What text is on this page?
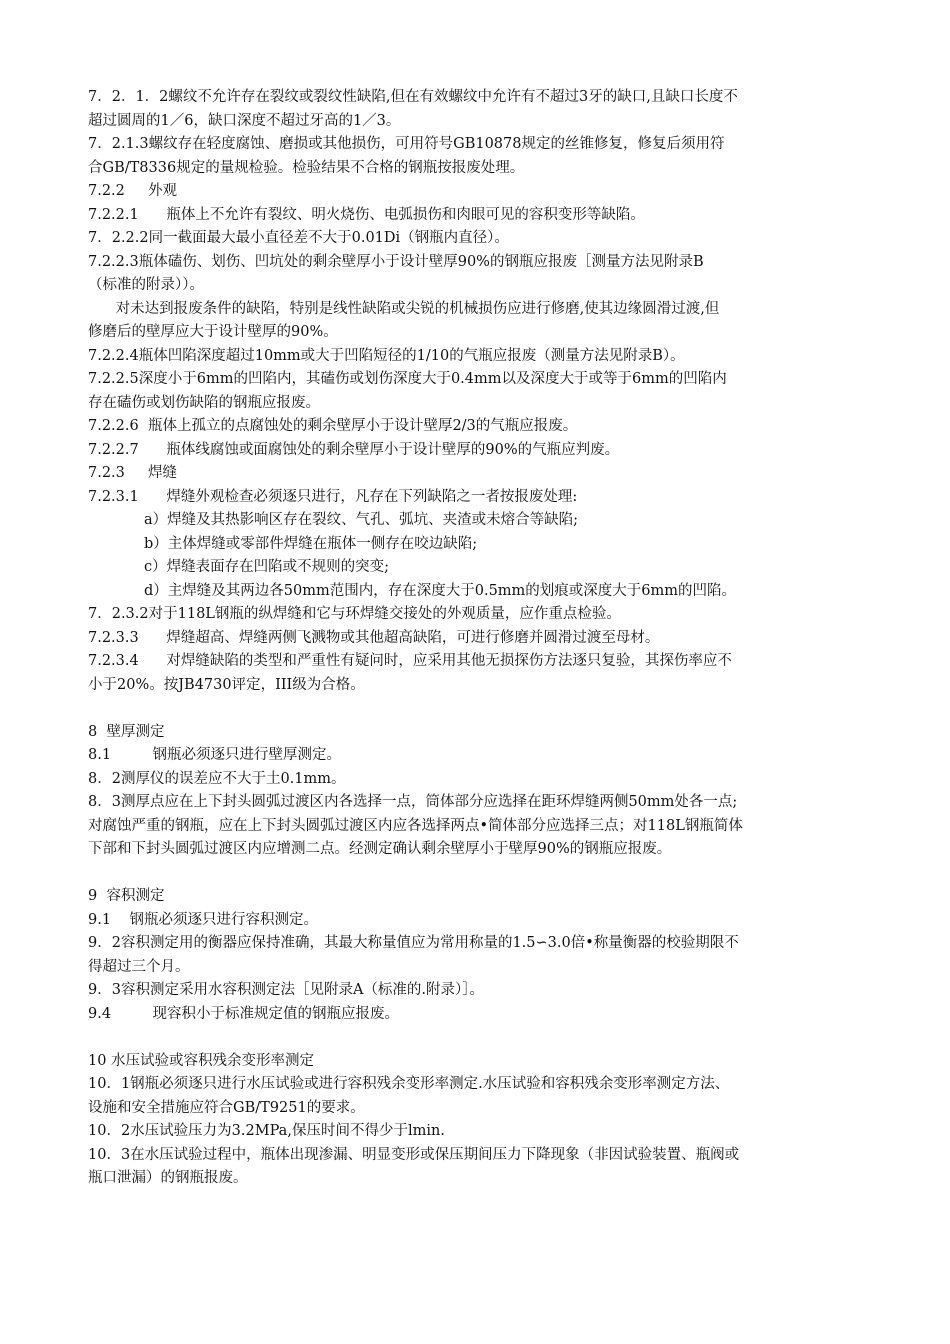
7．2．1．2螺纹不允许存在裂纹或裂纹性缺陷,但在有效螺纹中允许有不超过3牙的缺口,且缺口长度不
超过圆周的1／6，缺口深度不超过牙高的1／3。
7．2.1.3螺纹存在轻度腐蚀、磨损或其他损伤，可用符号GB10878规定的丝锥修复，修复后须用符
合GB/T8336规定的量规检验。检验结果不合格的钢瓶按报废处理。
7.2.2     外观
7.2.2.1      瓶体上不允许有裂纹、明火烧伤、电弧损伤和肉眼可见的容积变形等缺陷。
7．2.2.2同一截面最大最小直径差不大于0.01Di（钢瓶内直径）。
7.2.2.3瓶体磕伤、划伤、凹坑处的剩余壁厚小于设计壁厚90%的钢瓶应报废［测量方法见附录B
（标准的附录））。
对未达到报废条件的缺陷，特别是线性缺陷或尖锐的机械损伤应进行修磨,使其边缘圆滑过渡,但
修磨后的壁厚应大于设计壁厚的90%。
7.2.2.4瓶体凹陷深度超过10mm或大于凹陷短径的1/10的气瓶应报废（测量方法见附录B）。
7.2.2.5深度小于6mm的凹陷内，其磕伤或划伤深度大于0.4mm以及深度大于或等于6mm的凹陷内
存在磕伤或划伤缺陷的钢瓶应报废。
7.2.2.6  瓶体上孤立的点腐蚀处的剩余壁厚小于设计壁厚2/3的气瓶应报废。
7.2.2.7      瓶体线腐蚀或面腐蚀处的剩余壁厚小于设计壁厚的90%的气瓶应判废。
7.2.3     焊缝
7.2.3.1      焊缝外观检查必须逐只进行，凡存在下列缺陷之一者按报废处理:
a）焊缝及其热影响区存在裂纹、气孔、弧坑、夹渣或未熔合等缺陷;
b）主体焊缝或零部件焊缝在瓶体一侧存在咬边缺陷;
c）焊缝表面存在凹陷或不规则的突变;
d）主焊缝及其两边各50mm范围内，存在深度大于0.5mm的划痕或深度大于6mm的凹陷。
7．2.3.2对于118L钢瓶的纵焊缝和它与环焊缝交接处的外观质量，应作重点检验。
7.2.3.3      焊缝超高、焊缝两侧飞溅物或其他超高缺陷，可进行修磨并圆滑过渡至母材。
7.2.3.4      对焊缝缺陷的类型和严重性有疑问时，应采用其他无损探伤方法逐只复验，其探伤率应不
小于20%。按JB4730评定，III级为合格。
8  壁厚测定
8.1         钢瓶必须逐只进行壁厚测定。
8．2测厚仪的误差应不大于土0.1mm。
8．3测厚点应在上下封头圆弧过渡区内各选择一点，筒体部分应选择在距环焊缝两侧50mm处各一点;
对腐蚀严重的钢瓶，应在上下封头圆弧过渡区内应各选择两点•简体部分应选择三点；对118L钢瓶简体
下部和下封头圆弧过渡区内应增测二点。经测定确认剩余壁厚小于壁厚90%的钢瓶应报废。
9  容积测定
9.1    钢瓶必须逐只进行容积测定。
9．2容积测定用的衡器应保持准确，其最大称量值应为常用称量的1.5∽3.0倍•称量衡器的校验期限不
得超过三个月。
9．3容积测定采用水容积测定法［见附录A（标准的.附录）］。
9.4         现容积小于标准规定值的钢瓶应报废。
10 水压试验或容积残余变形率测定
10．1钢瓶必须逐只进行水压试验或进行容积残余变形率测定.水压试验和容积残余变形率测定方法、
设施和安全措施应符合GB/T9251的要求。
10．2水压试验压力为3.2MPa,保压时间不得少于lmin.
10．3在水压试验过程中，瓶体出现渗漏、明显变形或保压期间压力下降现象（非因试验装置、瓶阀或
瓶口泄漏）的钢瓶报废。
